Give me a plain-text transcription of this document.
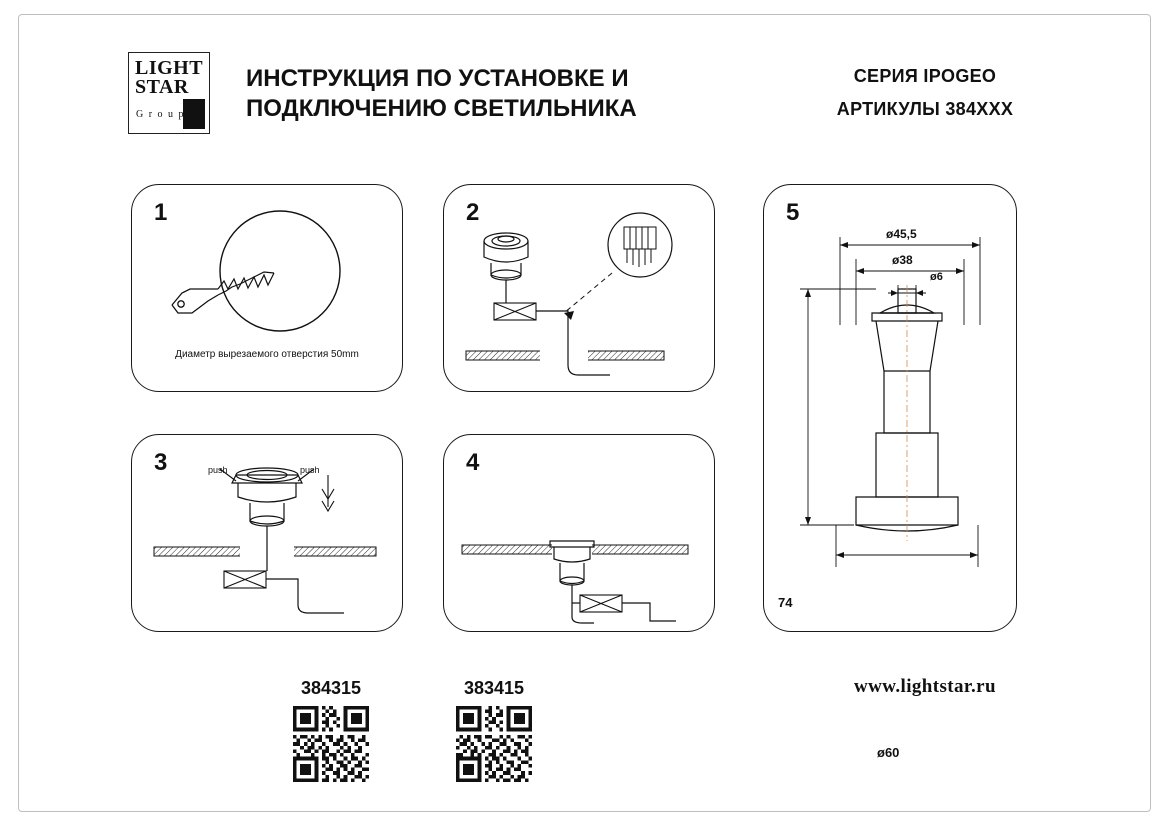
LIGHT
STAR
G r o u p
ИНСТРУКЦИЯ ПО УСТАНОВКЕ И
ПОДКЛЮЧЕНИЮ СВЕТИЛЬНИКА
СЕРИЯ IPOGEO
АРТИКУЛЫ 384XXX
1
Диаметр вырезаемого отверстия 50mm
2
3	push	push	4
5
ø45,5
ø38
ø6
74
ø60
384315	383415	www.lightstar.ru
